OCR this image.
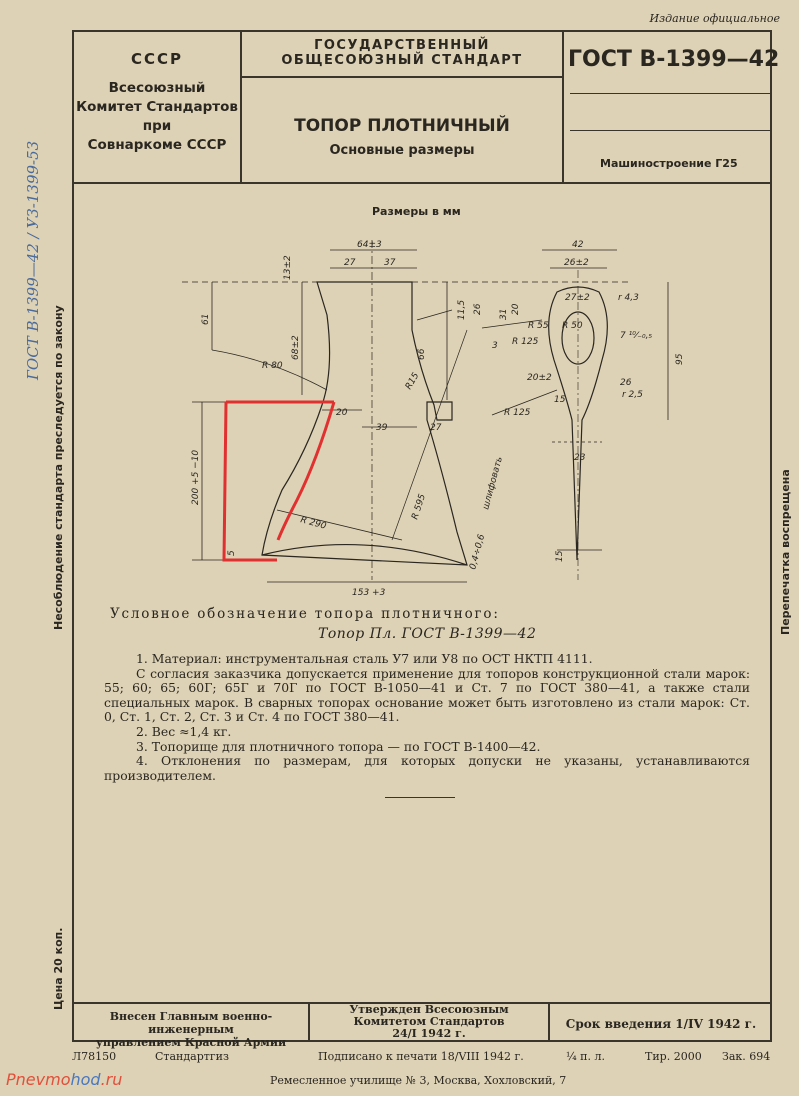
Издание официальное
СССР
Всесоюзный
Комитет Стандартов
при
Совнаркоме СССР
ГОСУДАРСТВЕННЫЙ
ОБЩЕСОЮЗНЫЙ СТАНДАРТ
ТОПОР ПЛОТНИЧНЫЙ
Основные размеры
ГОСТ В-1399—42
Машиностроение Г25
Размеры в мм
64±3
27	37
13±2
61
68±2
R 80
66
R15
20
39	27
200 +5 −10
R 290
R 595
5
153 +3
шлифовать
0,4÷0,6
42
26±2
27±2	r 4,3
31 20
26
11,5
R 55 R 50
R 125
R 125
7 ¹⁰⁄₋₀,₅
20±2
15
26
r 2,5
95
23
15
3
Условное обозначение топора плотничного:
Топор Пл. ГОСТ В-1399—42

1. Материал: инструментальная сталь У7 или У8 по ОСТ НКТП 4111.

С согласия заказчика допускается применение для топоров конструкционной стали марок: 55; 60; 65; 60Г; 65Г и 70Г по ГОСТ В-1050—41 и Ст. 7 по ГОСТ 380—41, а также стали специальных марок. В сварных топорах основание может быть изготовлено из стали марок: Ст. 0, Ст. 1, Ст. 2, Ст. 3 и Ст. 4 по ГОСТ 380—41.

2. Вес ≈1,4 кг.

3. Топорище для плотничного топора — по ГОСТ В-1400—42.

4. Отклонения по размерам, для которых допуски не указаны, устанавливаются производителем.

Несоблюдение стандарта преследуется по закону
ГОСТ В-1399—42 / У3-1399-53
Цена 20 коп.
Перепечатка воспрещена
Внесен Главным военно-инженерным
управлением Красной Армии
Утвержден Всесоюзным
Комитетом Стандартов
24/I 1942 г.
Срок введения 1/IV 1942 г.
Л78150	Стандартгиз	Подписано к печати 18/VIII 1942 г.	¼ п. л.	Тир. 2000 Зак. 694
Ремесленное училище № 3, Москва, Хохловский, 7
Pnevmohod.ru
